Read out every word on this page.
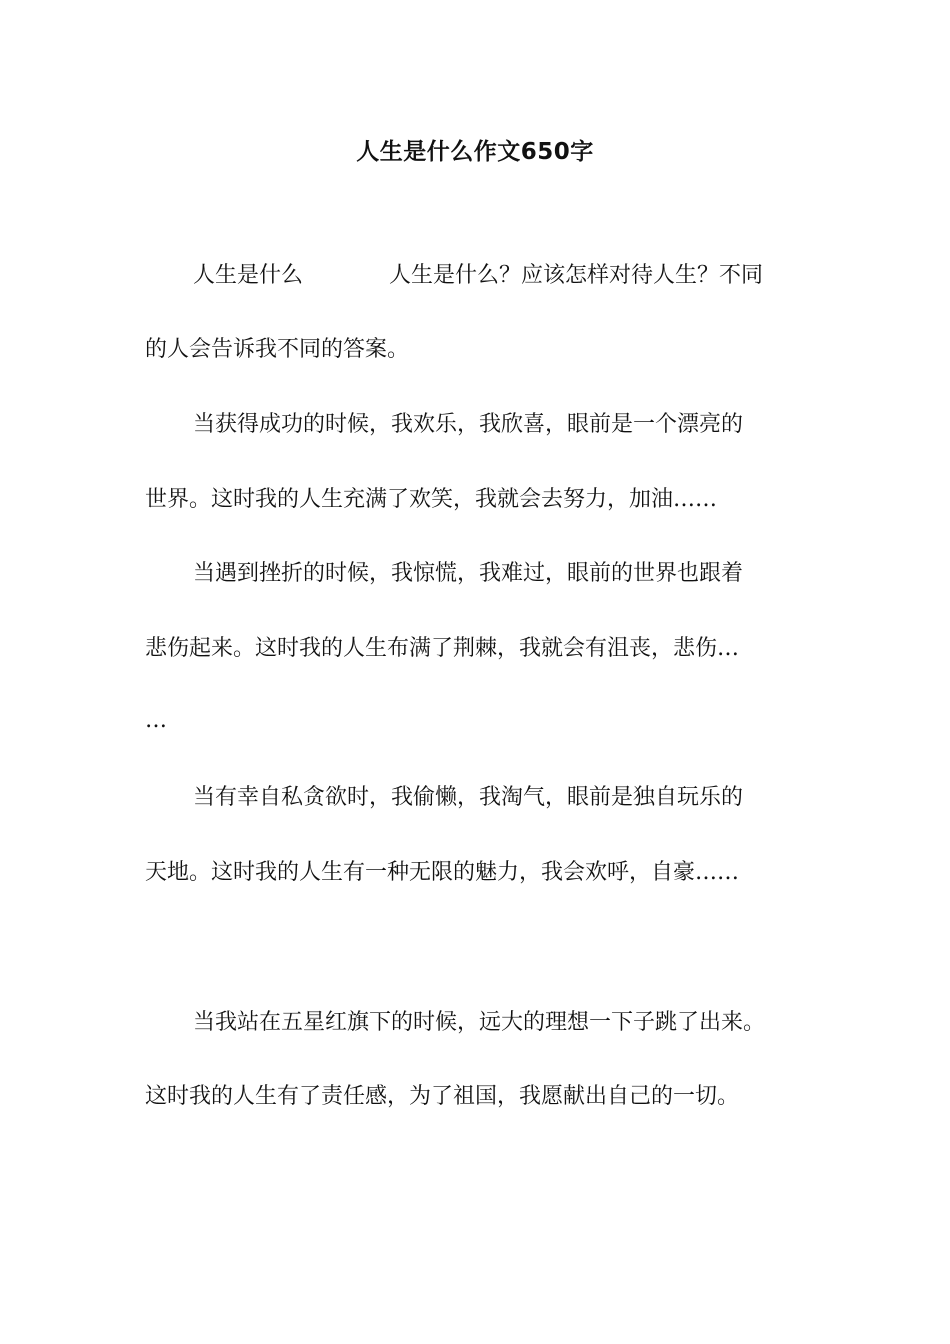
人生是什么作文650字
人生是什么	人生是什么？应该怎样对待人生？不同
的人会告诉我不同的答案。
当获得成功的时候，我欢乐，我欣喜，眼前是一个漂亮的
世界。这时我的人生充满了欢笑，我就会去努力，加油……
当遇到挫折的时候，我惊慌，我难过，眼前的世界也跟着
悲伤起来。这时我的人生布满了荆棘，我就会有沮丧，悲伤…
…
当有幸自私贪欲时，我偷懒，我淘气，眼前是独自玩乐的
天地。这时我的人生有一种无限的魅力，我会欢呼，自豪……
当我站在五星红旗下的时候，远大的理想一下子跳了出来。
这时我的人生有了责任感，为了祖国，我愿献出自己的一切。
